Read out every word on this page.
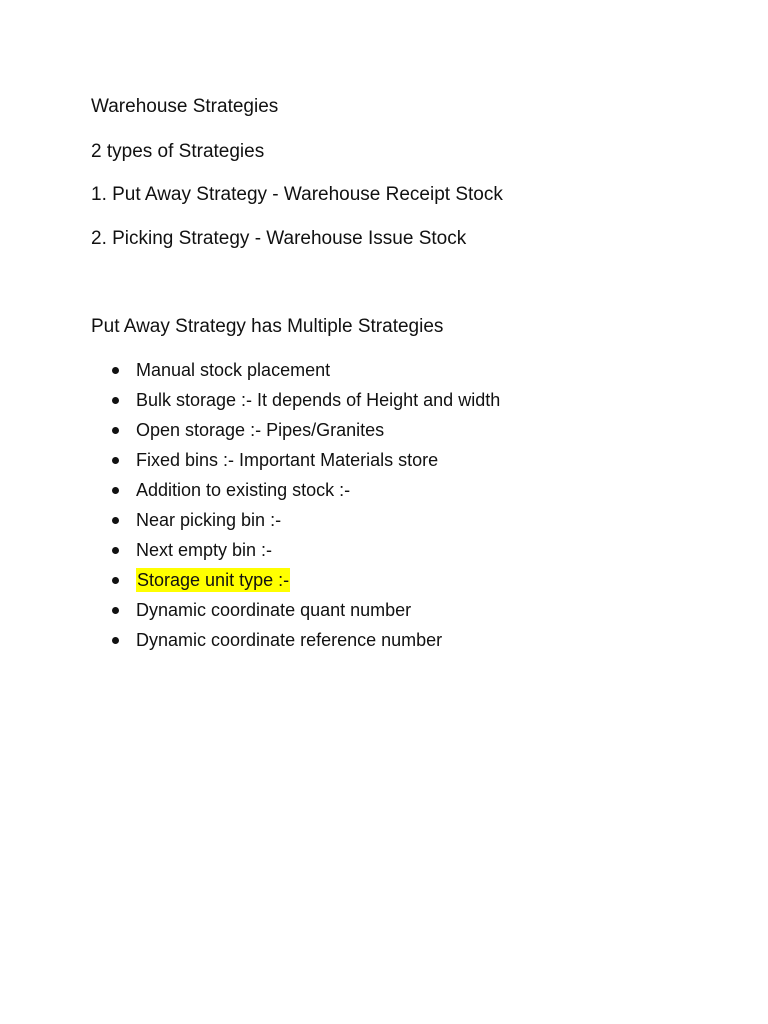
Warehouse Strategies

2 types of Strategies

1. Put Away Strategy - Warehouse Receipt Stock

2. Picking Strategy - Warehouse Issue Stock

Put Away Strategy has Multiple Strategies

Manual stock placement
Bulk storage :- It depends of Height and width
Open storage :- Pipes/Granites
Fixed bins :- Important Materials store
Addition to existing stock :-
Near picking bin :-
Next empty bin :-
Storage unit type :-
Dynamic coordinate quant number
Dynamic coordinate reference number
